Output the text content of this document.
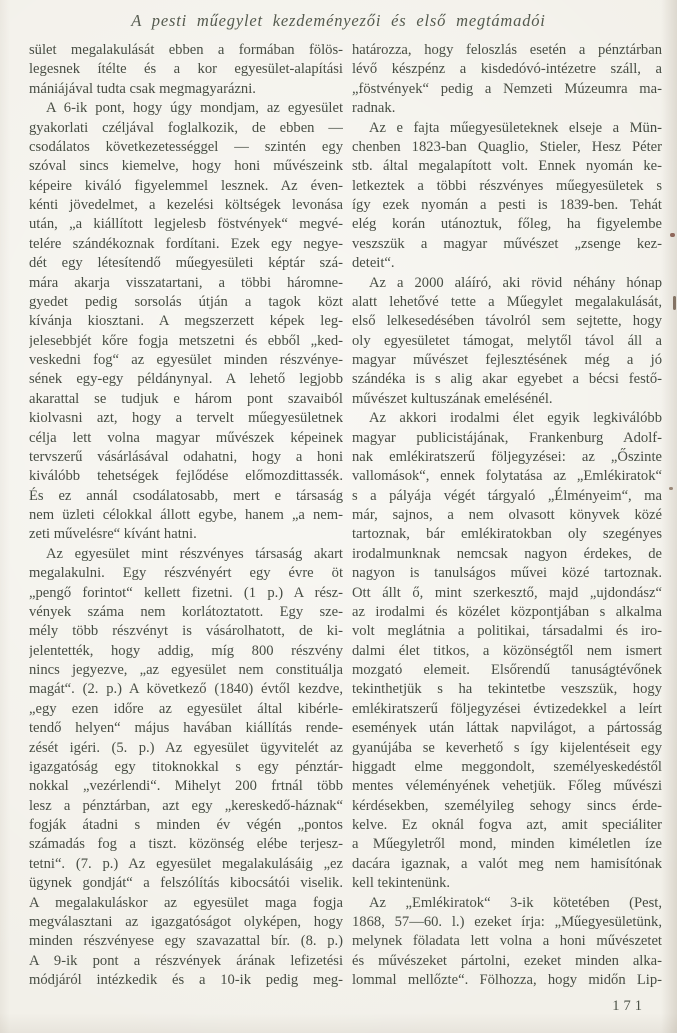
A pesti műegylet kezdeményezői és első megtámadói
sület megalakulását ebben a formában fölös-
legesnek ítélte és a kor egyesület-alapítási
mániájával tudta csak megmagyarázni.
A 6-ik pont, hogy úgy mondjam, az egyesület
gyakorlati czéljával foglalkozik, de ebben —
csodálatos következetességgel — szintén egy
szóval sincs kiemelve, hogy honi művészeink
képeire kiváló figyelemmel lesznek. Az éven-
kénti jövedelmet, a kezelési költségek levonása
után, „a kiállított legjelesb föstvények“ megvé-
telére szándékoznak fordítani. Ezek egy negye-
dét egy létesítendő műegyesületi képtár szá-
mára akarja visszatartani, a többi háromne-
gyedet pedig sorsolás útján a tagok közt
kívánja kiosztani. A megszerzett képek leg-
jelesebbjét kőre fogja metszetni és ebből „ked-
veskedni fog“ az egyesület minden részvénye-
sének egy-egy példánynyal. A lehető legjobb
akarattal se tudjuk e három pont szavaiból
kiolvasni azt, hogy a tervelt műegyesületnek
célja lett volna magyar művészek képeinek
tervszerű vásárlásával odahatni, hogy a honi
kiválóbb tehetségek fejlődése előmozdittassék.
És ez annál csodálatosabb, mert e társaság
nem üzleti célokkal állott egybe, hanem „a nem-
zeti művelésre“ kívánt hatni.
Az egyesület mint részvényes társaság akart
megalakulni. Egy részvényért egy évre öt
„pengő forintot“ kellett fizetni. (1 p.) A rész-
vények száma nem korlátoztatott. Egy sze-
mély több részvényt is vásárolhatott, de ki-
jelentették, hogy addig, míg 800 részvény
nincs jegyezve, „az egyesület nem constituálja
magát“. (2. p.) A következő (1840) évtől kezdve,
„egy ezen időre az egyesület által kibérle-
tendő helyen“ május havában kiállítás rende-
zését igéri. (5. p.) Az egyesület ügyvitelét az
igazgatóság egy titoknokkal s egy pénztár-
nokkal „vezérlendi“. Mihelyt 200 frtnál több
lesz a pénztárban, azt egy „kereskedő-háznak“
fogják átadni s minden év végén „pontos
számadás fog a tiszt. közönség elébe terjesz-
tetni“. (7. p.) Az egyesület megalakulásáig „ez
ügynek gondját“ a felszólítás kibocsátói viselik.
A megalakuláskor az egyesület maga fogja
megválasztani az igazgatóságot olyképen, hogy
minden részvényese egy szavazattal bír. (8. p.)
A 9-ik pont a részvények árának lefizetési
módjáról intézkedik és a 10-ik pedig meg-
határozza, hogy feloszlás esetén a pénztárban
lévő készpénz a kisdedóvó-intézetre száll, a
„föstvények“ pedig a Nemzeti Múzeumra ma-
radnak.
Az e fajta műegyesületeknek elseje a Mün-
chenben 1823-ban Quaglio, Stieler, Hesz Péter
stb. által megalapított volt. Ennek nyomán ke-
letkeztek a többi részvényes műegyesületek s
így ezek nyomán a pesti is 1839-ben. Tehát
elég korán utánoztuk, főleg, ha figyelembe
veszszük a magyar művészet „zsenge kez-
deteit“.
Az a 2000 aláíró, aki rövid néhány hónap
alatt lehetővé tette a Műegylet megalakulását,
első lelkesedésében távolról sem sejtette, hogy
oly egyesületet támogat, melytől távol áll a
magyar művészet fejlesztésének még a jó
szándéka is s alig akar egyebet a bécsi festő-
művészet kultuszának emelésénél.
Az akkori irodalmi élet egyik legkiválóbb
magyar publicistájának, Frankenburg Adolf-
nak emlékiratszerű följegyzései: az „Őszinte
vallomások“, ennek folytatása az „Emlékiratok“
s a pályája végét tárgyaló „Élményeim“, ma
már, sajnos, a nem olvasott könyvek közé
tartoznak, bár emlékiratokban oly szegényes
irodalmunknak nemcsak nagyon érdekes, de
nagyon is tanulságos művei közé tartoznak.
Ott állt ő, mint szerkesztő, majd „ujdondász“
az irodalmi és közélet központjában s alkalma
volt meglátnia a politikai, társadalmi és iro-
dalmi élet titkos, a közönségtől nem ismert
mozgató elemeit. Elsőrendű tanuságtévőnek
tekinthetjük s ha tekintetbe veszszük, hogy
emlékiratszerű följegyzései évtizedekkel a leírt
események után láttak napvilágot, a pártosság
gyanújába se keverhető s így kijelentéseit egy
higgadt elme meggondolt, személyeskedéstől
mentes véleményének vehetjük. Főleg művészi
kérdésekben, személyileg sehogy sincs érde-
kelve. Ez oknál fogva azt, amit speciáliter
a Műegyletről mond, minden kiméletlen íze
dacára igaznak, a valót meg nem hamisítónak
kell tekintenünk.
Az „Emlékiratok“ 3-ik kötetében (Pest,
1868, 57—60. l.) ezeket írja: „Műegyesületünk,
melynek föladata lett volna a honi művészetet
és művészeket pártolni, ezeket minden alka-
lommal mellőzte“. Fölhozza, hogy midőn Lip-
171
